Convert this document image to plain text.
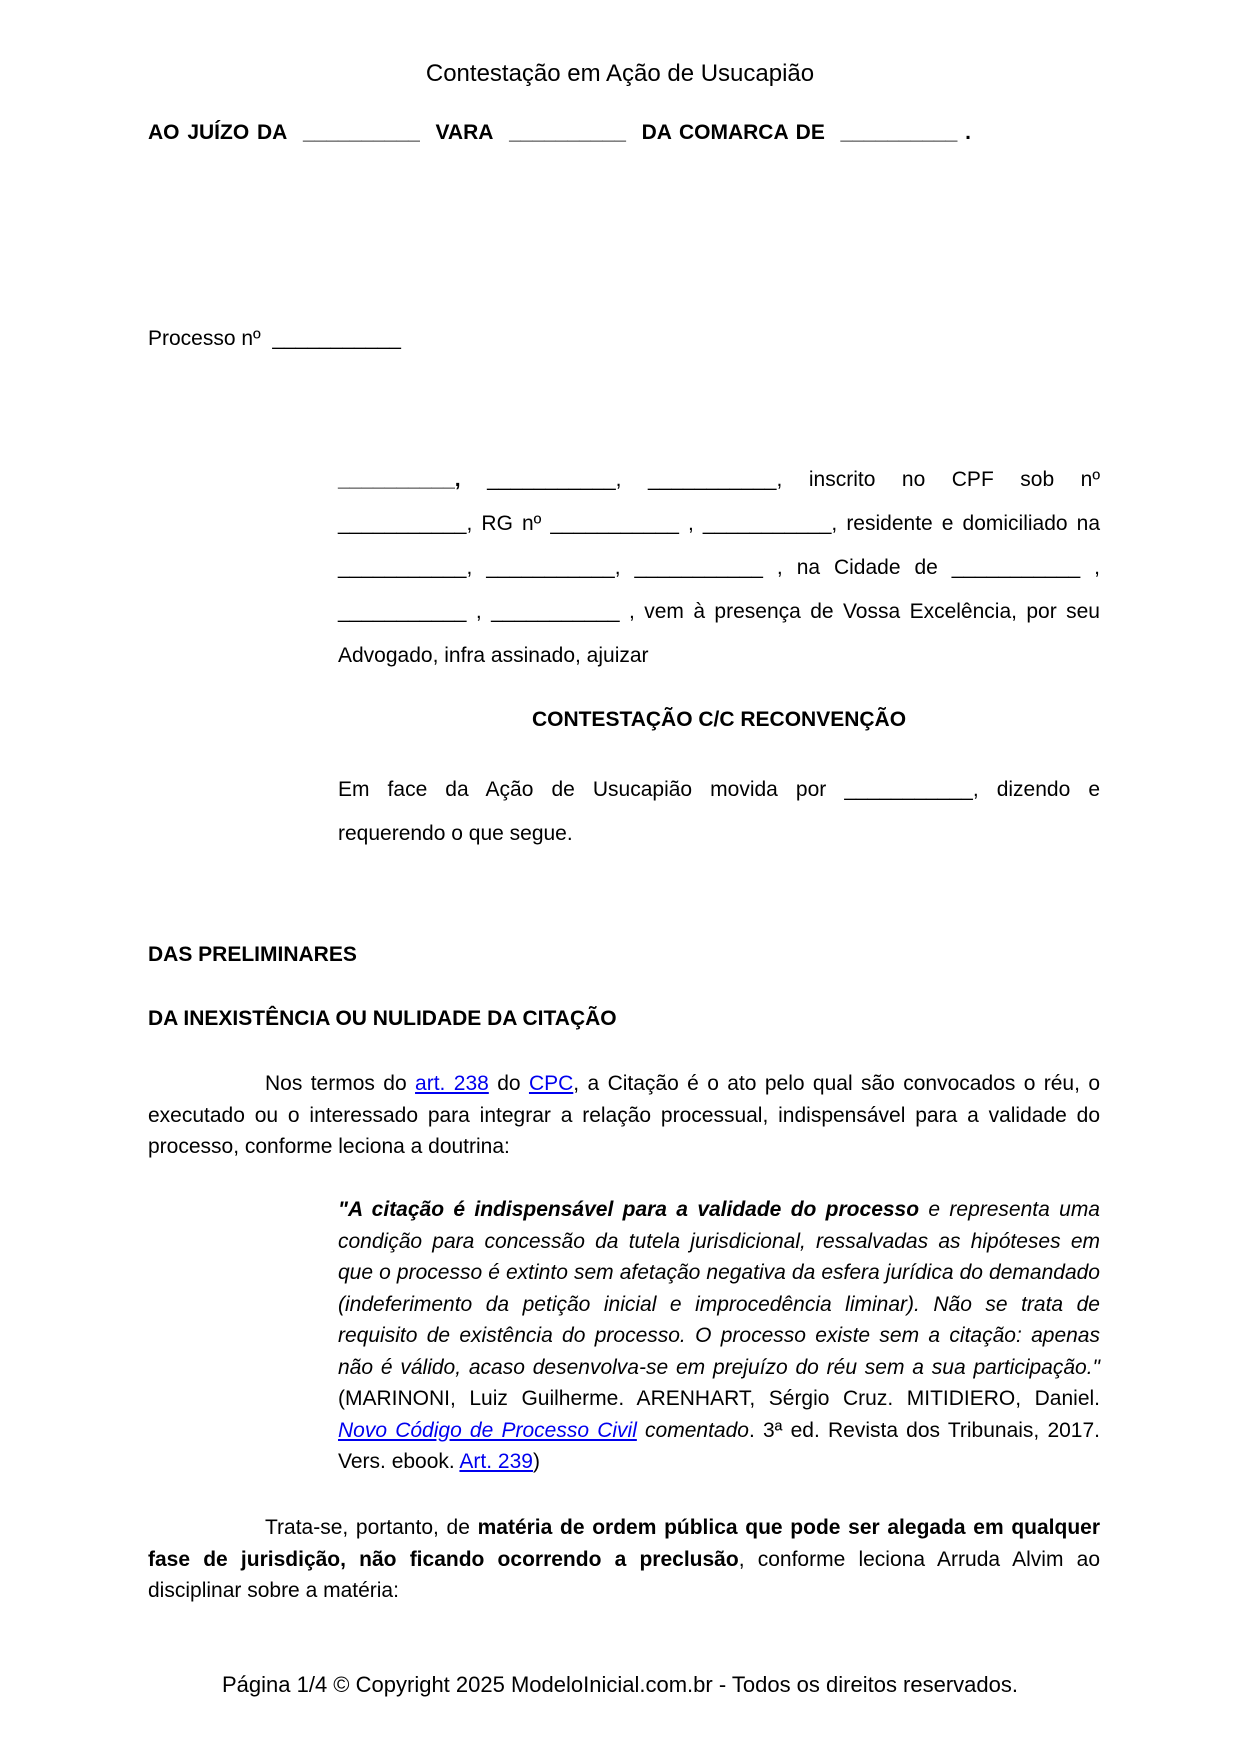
Contestação em Ação de Usucapião
AO JUÍZO DA __________ VARA __________ DA COMARCA DE __________ .
Processo nº ___________

__________, ___________, ___________, inscrito no CPF sob nº

___________, RG nº ___________ , ___________, residente e domiciliado na

___________, ___________, ___________ , na Cidade de ___________ ,

___________ , ___________ , vem à presença de Vossa Excelência, por seu

Advogado, infra assinado, ajuizar

CONTESTAÇÃO C/C RECONVENÇÃO

Em face da Ação de Usucapião movida por ___________, dizendo e

requerendo o que segue.

DAS PRELIMINARES
DA INEXISTÊNCIA OU NULIDADE DA CITAÇÃO
Nos termos do art. 238 do CPC, a Citação é o ato pelo qual são convocados o réu, o executado ou o interessado para integrar a relação processual, indispensável para a validade do processo, conforme leciona a doutrina:
"A citação é indispensável para a validade do processo e representa uma condição para concessão da tutela jurisdicional, ressalvadas as hipóteses em que o processo é extinto sem afetação negativa da esfera jurídica do demandado (indeferimento da petição inicial e improcedência liminar). Não se trata de requisito de existência do processo. O processo existe sem a citação: apenas não é válido, acaso desenvolva-se em prejuízo do réu sem a sua participação." (MARINONI, Luiz Guilherme. ARENHART, Sérgio Cruz. MITIDIERO, Daniel. Novo Código de Processo Civil comentado. 3ª ed. Revista dos Tribunais, 2017. Vers. ebook. Art. 239)
Trata-se, portanto, de matéria de ordem pública que pode ser alegada em qualquer fase de jurisdição, não ficando ocorrendo a preclusão, conforme leciona Arruda Alvim ao disciplinar sobre a matéria:
Página 1/4 © Copyright 2025 ModeloInicial.com.br - Todos os direitos reservados.
